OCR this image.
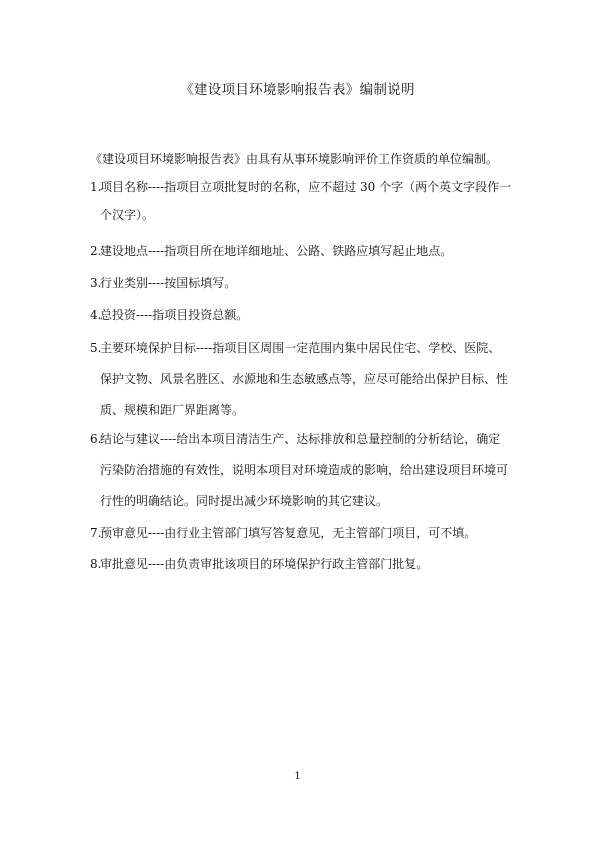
《建设项目环境影响报告表》编制说明
《建设项目环境影响报告表》由具有从事环境影响评价工作资质的单位编制。
1.项目名称----指项目立项批复时的名称，应不超过 30 个字（两个英文字段作一
个汉字）。
2.建设地点----指项目所在地详细地址、公路、铁路应填写起止地点。
3.行业类别----按国标填写。
4.总投资----指项目投资总额。
5.主要环境保护目标----指项目区周围一定范围内集中居民住宅、学校、医院、
保护文物、风景名胜区、水源地和生态敏感点等，应尽可能给出保护目标、性
质、规模和距厂界距离等。
6.结论与建议----给出本项目清洁生产、达标排放和总量控制的分析结论，确定
污染防治措施的有效性，说明本项目对环境造成的影响，给出建设项目环境可
行性的明确结论。同时提出减少环境影响的其它建议。
7.预审意见----由行业主管部门填写答复意见，无主管部门项目，可不填。
8.审批意见----由负责审批该项目的环境保护行政主管部门批复。
1
